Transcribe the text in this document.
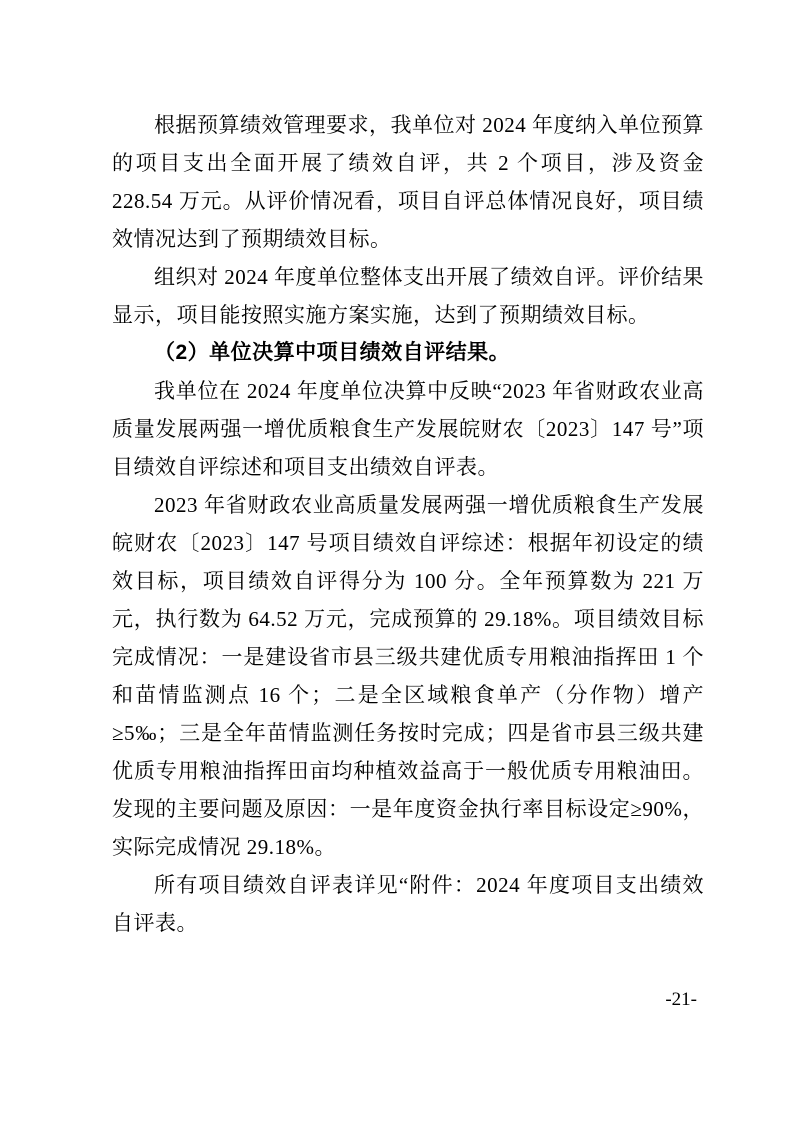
根据预算绩效管理要求，我单位对 2024 年度纳入单位预算的项目支出全面开展了绩效自评，共 2 个项目，涉及资金 228.54 万元。从评价情况看，项目自评总体情况良好，项目绩效情况达到了预期绩效目标。

组织对 2024 年度单位整体支出开展了绩效自评。评价结果显示，项目能按照实施方案实施，达到了预期绩效目标。

（2）单位决算中项目绩效自评结果。

我单位在 2024 年度单位决算中反映“2023 年省财政农业高质量发展两强一增优质粮食生产发展皖财农〔2023〕147 号”项目绩效自评综述和项目支出绩效自评表。

2023 年省财政农业高质量发展两强一增优质粮食生产发展皖财农〔2023〕147 号项目绩效自评综述：根据年初设定的绩效目标，项目绩效自评得分为 100 分。全年预算数为 221 万元，执行数为 64.52 万元，完成预算的 29.18%。项目绩效目标完成情况：一是建设省市县三级共建优质专用粮油指挥田 1 个和苗情监测点 16 个；二是全区域粮食单产（分作物）增产≥5‰；三是全年苗情监测任务按时完成；四是省市县三级共建优质专用粮油指挥田亩均种植效益高于一般优质专用粮油田。发现的主要问题及原因：一是年度资金执行率目标设定≥90%，实际完成情况 29.18%。

所有项目绩效自评表详见“附件：2024 年度项目支出绩效自评表。

-21-
